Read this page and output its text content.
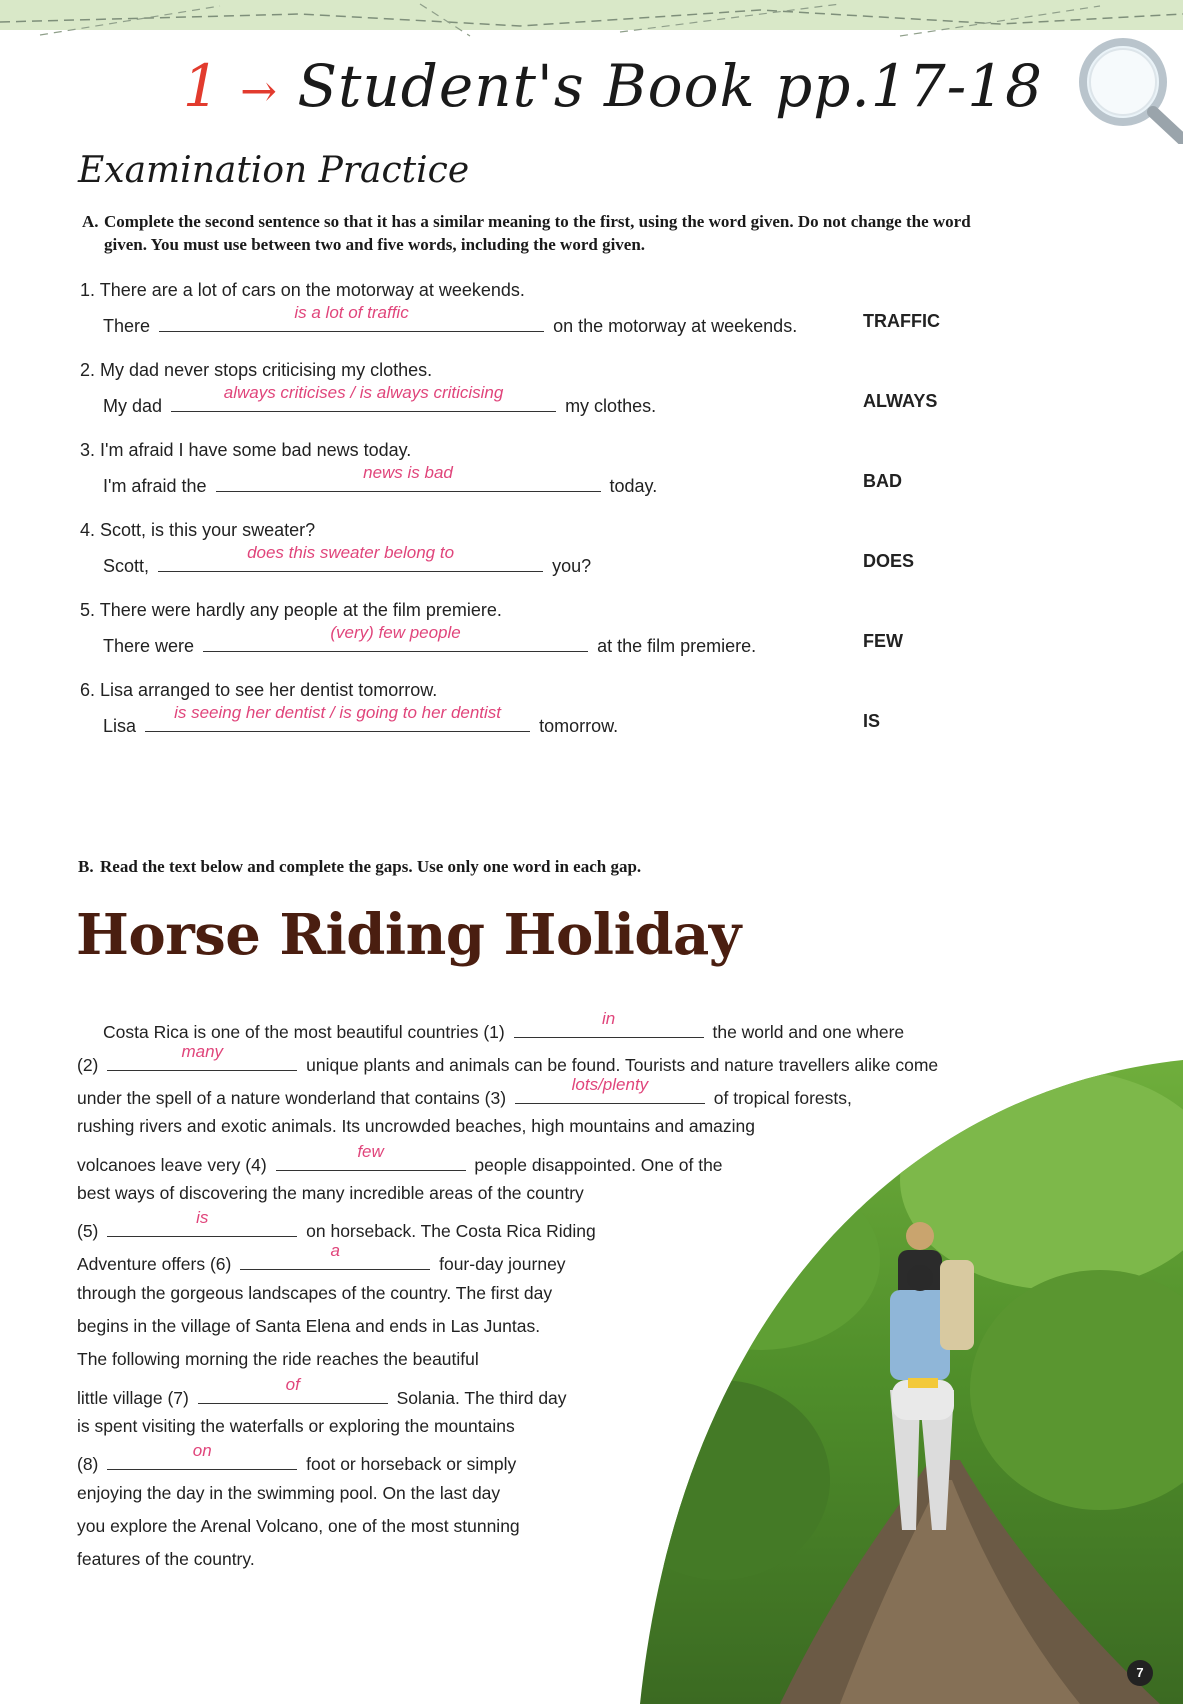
1 → Student's Book pp.17-18
Examination Practice
A. Complete the second sentence so that it has a similar meaning to the first, using the word given. Do not change the word
given. You must use between two and five words, including the word given.
1. There are a lot of cars on the motorway at weekends.
There
is a lot of traffic
on the motorway at weekends.	TRAFFIC
2. My dad never stops criticising my clothes.
My dad
always criticises / is always criticising
my clothes.	ALWAYS
3. I'm afraid I have some bad news today.
I'm afraid the
news is bad
today.	BAD
4. Scott, is this your sweater?
Scott,
does this sweater belong to
you?	DOES
5. There were hardly any people at the film premiere.
There were
(very) few people
at the film premiere.	FEW
6. Lisa arranged to see her dentist tomorrow.
Lisa
is seeing her dentist / is going to her dentist
tomorrow.	IS
B. Read the text below and complete the gaps. Use only one word in each gap.
Horse Riding Holiday
Costa Rica is one of the most beautiful countries (1)
in
the world and one where
(2)
many
unique plants and animals can be found. Tourists and nature travellers alike come
under the spell of a nature wonderland that contains (3)
lots/plenty
of tropical forests,
rushing rivers and exotic animals. Its uncrowded beaches, high mountains and amazing
volcanoes leave very (4)
few
people disappointed. One of the
best ways of discovering the many incredible areas of the country
(5)
is
on horseback. The Costa Rica Riding
Adventure offers (6)
a
four-day journey
through the gorgeous landscapes of the country. The first day
begins in the village of Santa Elena and ends in Las Juntas.
The following morning the ride reaches the beautiful
little village (7)
of
Solania. The third day
is spent visiting the waterfalls or exploring the mountains
(8)
on
foot or horseback or simply
enjoying the day in the swimming pool. On the last day
you explore the Arenal Volcano, one of the most stunning
features of the country.
7
